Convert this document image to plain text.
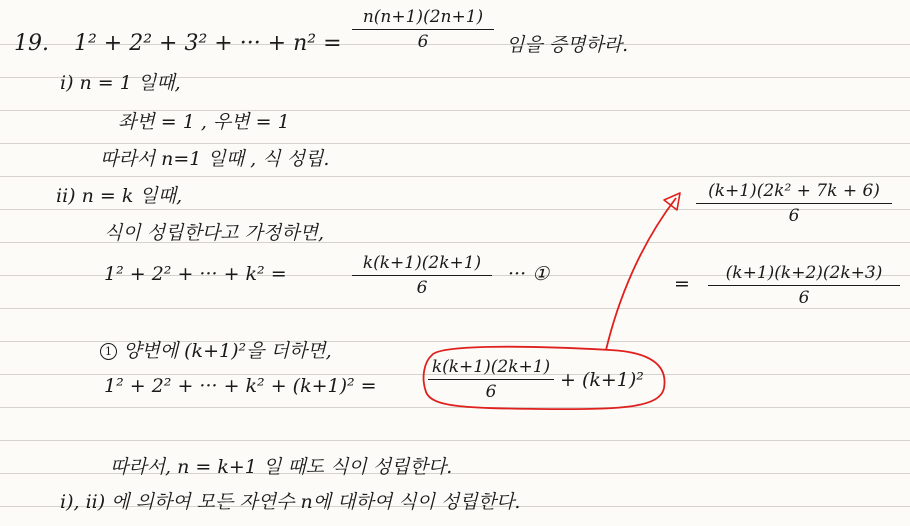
19. 1² + 2² + 3² + ··· + n² =
n(n+1)(2n+1)
6	임을 증명하라.
i) n = 1 일때,
좌변 = 1 , 우변 = 1
따라서 n=1 일때 , 식 성립.
ii) n = k 일때,
식이 성립한다고 가정하면,
1² + 2² + ··· + k² =	k(k+1)(2k+1)
6
··· ①
1 양변에 (k+1)²을 더하면,
1² + 2² + ··· + k² + (k+1)² =
k(k+1)(2k+1)
6
+ (k+1)²
(k+1)(2k² + 7k + 6)
6
=	(k+1)(k+2)(2k+3)
6
따라서, n = k+1 일 때도 식이 성립한다.
i), ii) 에 의하여 모든 자연수 n에 대하여 식이 성립한다.
